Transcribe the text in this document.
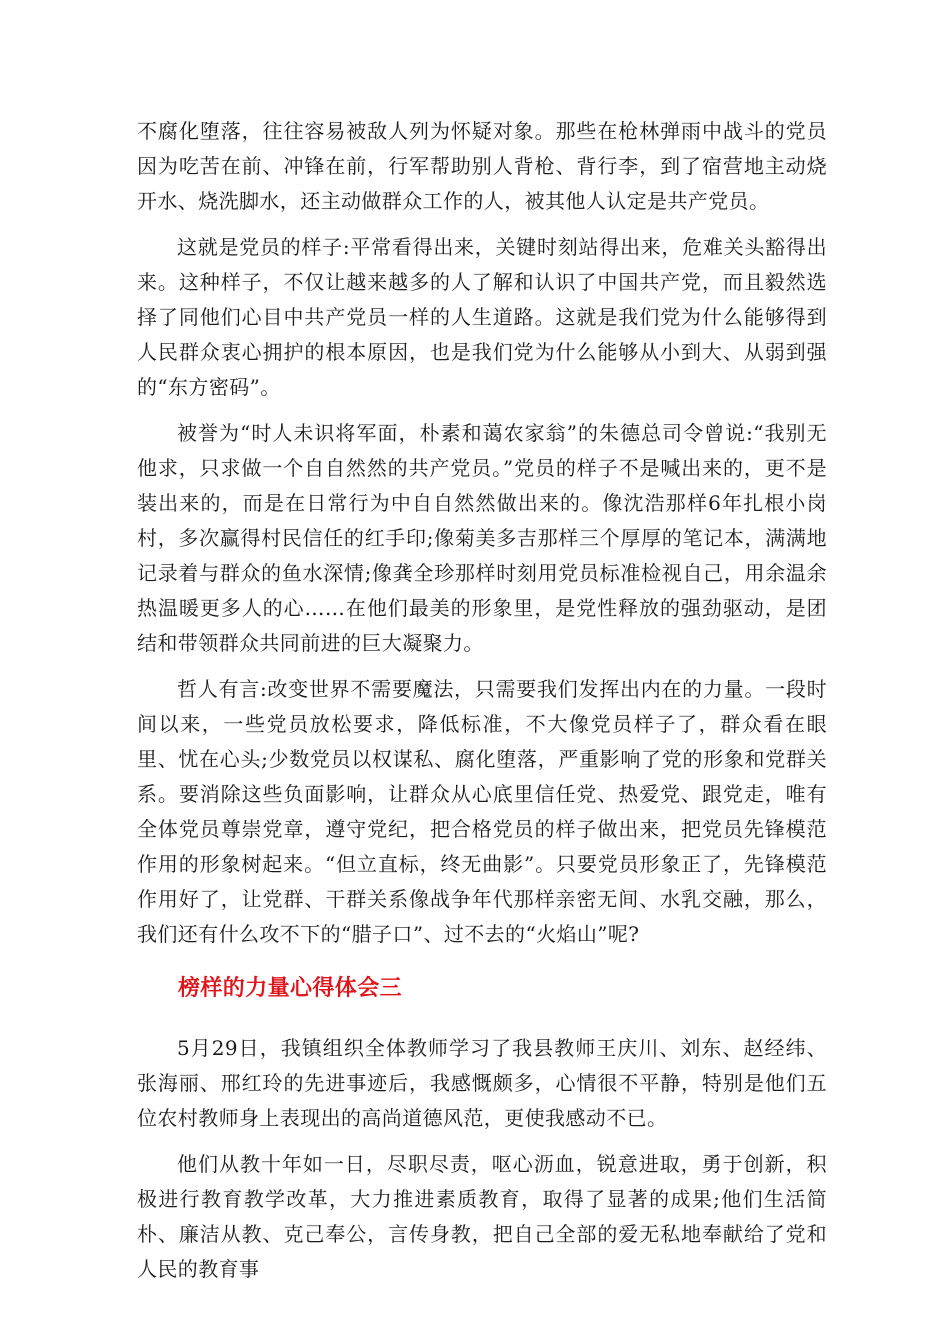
不腐化堕落，往往容易被敌人列为怀疑对象。那些在枪林弹雨中战斗的党员因为吃苦在前、冲锋在前，行军帮助别人背枪、背行李，到了宿营地主动烧开水、烧洗脚水，还主动做群众工作的人，被其他人认定是共产党员。

这就是党员的样子:平常看得出来，关键时刻站得出来，危难关头豁得出来。这种样子，不仅让越来越多的人了解和认识了中国共产党，而且毅然选择了同他们心目中共产党员一样的人生道路。这就是我们党为什么能够得到人民群众衷心拥护的根本原因，也是我们党为什么能够从小到大、从弱到强的“东方密码”。

被誉为“时人未识将军面，朴素和蔼农家翁”的朱德总司令曾说:“我别无他求，只求做一个自自然然的共产党员。”党员的样子不是喊出来的，更不是装出来的，而是在日常行为中自自然然做出来的。像沈浩那样6年扎根小岗村，多次赢得村民信任的红手印;像菊美多吉那样三个厚厚的笔记本，满满地记录着与群众的鱼水深情;像龚全珍那样时刻用党员标准检视自己，用余温余热温暖更多人的心……在他们最美的形象里，是党性释放的强劲驱动，是团结和带领群众共同前进的巨大凝聚力。

哲人有言:改变世界不需要魔法，只需要我们发挥出内在的力量。一段时间以来，一些党员放松要求，降低标准，不大像党员样子了，群众看在眼里、忧在心头;少数党员以权谋私、腐化堕落，严重影响了党的形象和党群关系。要消除这些负面影响，让群众从心底里信任党、热爱党、跟党走，唯有全体党员尊崇党章，遵守党纪，把合格党员的样子做出来，把党员先锋模范作用的形象树起来。“但立直标，终无曲影”。只要党员形象正了，先锋模范作用好了，让党群、干群关系像战争年代那样亲密无间、水乳交融，那么，我们还有什么攻不下的“腊子口”、过不去的“火焰山”呢?

榜样的力量心得体会三

5月29日，我镇组织全体教师学习了我县教师王庆川、刘东、赵经纬、张海丽、邢红玲的先进事迹后，我感慨颇多，心情很不平静，特别是他们五位农村教师身上表现出的高尚道德风范，更使我感动不已。

他们从教十年如一日，尽职尽责，呕心沥血，锐意进取，勇于创新，积极进行教育教学改革，大力推进素质教育，取得了显著的成果;他们生活简朴、廉洁从教、克己奉公，言传身教，把自己全部的爱无私地奉献给了党和人民的教育事
